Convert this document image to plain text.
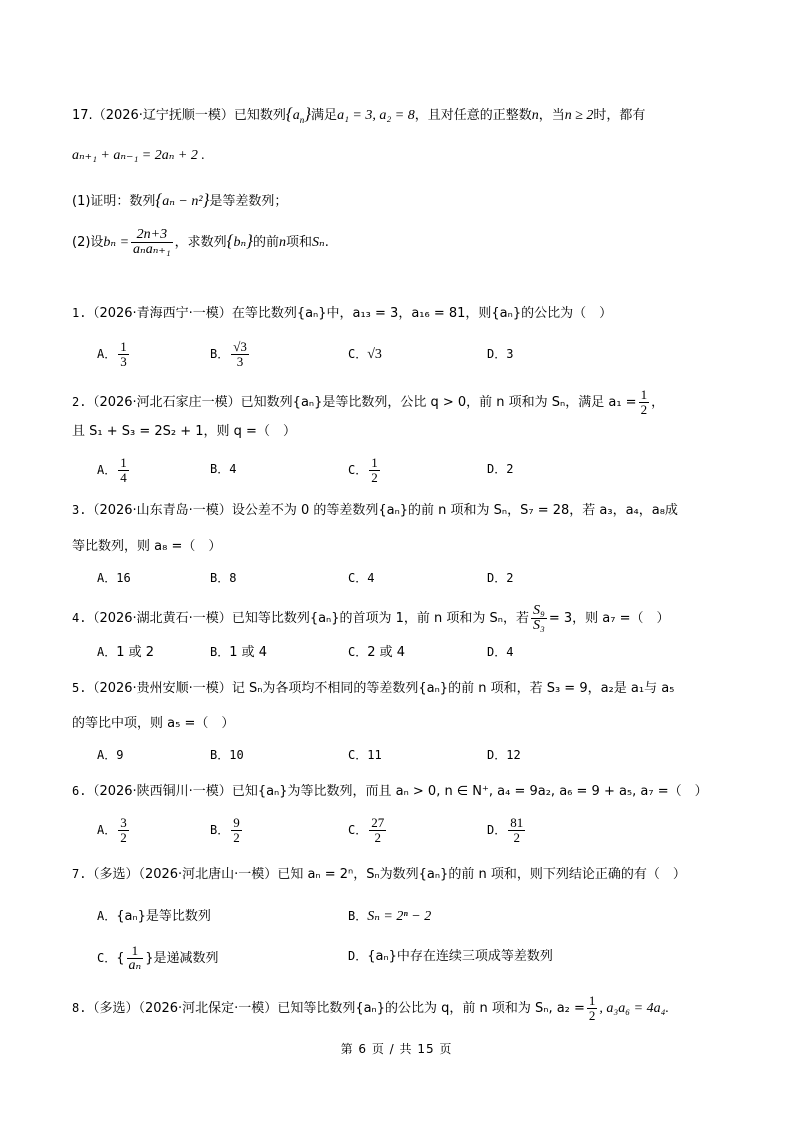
17.（2026·辽宁抚顺一模）已知数列$\{a_n\}$满足a₁ = 3, a₂ = 8，且对任意的正整数n，当n ≥ 2时，都有
aₙ₊₁ + aₙ₋₁ = 2aₙ + 2 .
(1)证明：数列{aₙ − n²}是等差数列；
(2)设$b_n = \frac{2n+3}{\text{aₙaₙ₊₁}}$ ，求数列{bₙ}的前n项和Sₙ.
1.（2026·青海西宁·一模）在等比数列{aₙ}中，a₁₃ = 3，a₁₆ = 81，则{aₙ}的公比为（　）
A． $\frac{1}{3}$	B． $\frac{√3}{3}$	C．√3	D．3
2.（2026·河北石家庄一模）已知数列{aₙ}是等比数列，公比 q > 0，前 n 项和为 Sₙ，满足 $a_1 = \frac{1}{2}$ ，
且 S₁ + S₃ = 2S₂ + 1，则 q =（　）
A． $\frac{1}{4}$	B．4	C． $\frac{1}{2}$	D．2
3.（2026·山东青岛·一模）设公差不为 0 的等差数列{aₙ}的前 n 项和为 Sₙ，S₇ = 28，若 a₃，a₄，a₈成
等比数列，则 a₈ =（　）
A．16	B．8	C．4	D．2
4.（2026·湖北黄石·一模）已知等比数列{aₙ}的首项为 1，前 n 项和为 Sₙ，若 $\frac{\text{S₉}}{\text{S₃}} = 3$，则 a₇ =（　）
A．1 或 2	B．1 或 4	C．2 或 4	D．4
5.（2026·贵州安顺·一模）记 Sₙ为各项均不相同的等差数列{aₙ}的前 n 项和，若 S₃ = 9，a₂是 a₁与 a₅
的等比中项，则 a₅ =（　）
A．9	B．10	C．11	D．12
6.（2026·陕西铜川·一模）已知{aₙ}为等比数列，而且 aₙ > 0, n ∈ N⁺, a₄ = 9a₂, a₆ = 9 + a₅, a₇ =（　）
A． $\frac{3}{2}$	B． $\frac{9}{2}$	C． $\frac{27}{2}$	D． $\frac{81}{2}$
7.（多选）（2026·河北唐山·一模）已知 aₙ = 2ⁿ，Sₙ为数列{aₙ}的前 n 项和，则下列结论正确的有（　）
A．{aₙ}是等比数列	B．Sₙ = 2ⁿ − 2
C．{ $\frac{1}{\text{aₙ}}$ }是递减数列	D．{aₙ}中存在连续三项成等差数列
8.（多选）（2026·河北保定·一模）已知等比数列{aₙ}的公比为 q，前 n 项和为 Sₙ, $a_2 = \frac{1}{2}$ , a₃a₆ = 4a₄.
第 6 页 / 共 15 页
